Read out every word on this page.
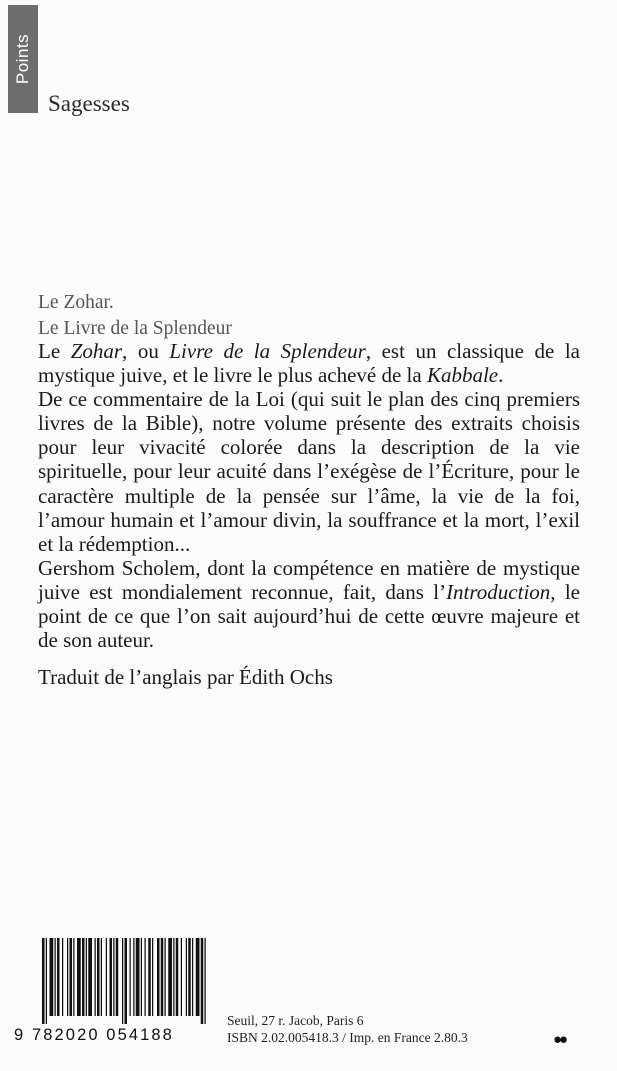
Points
Sagesses
Le Zohar.
Le Livre de la Splendeur

Le Zohar, ou Livre de la Splendeur, est un classique de la mystique juive, et le livre le plus achevé de la Kabbale.

De ce commentaire de la Loi (qui suit le plan des cinq premiers livres de la Bible), notre volume présente des extraits choisis pour leur vivacité colorée dans la description de la vie spirituelle, pour leur acuité dans l’exégèse de l’Écriture, pour le caractère multiple de la pensée sur l’âme, la vie de la foi, l’amour humain et l’amour divin, la souffrance et la mort, l’exil et la rédemption...

Gershom Scholem, dont la compétence en matière de mystique juive est mondialement reconnue, fait, dans l’Introduction, le point de ce que l’on sait aujourd’hui de cette œuvre majeure et de son auteur.

Traduit de l’anglais par Édith Ochs
9 782020 054188
Seuil, 27 r. Jacob, Paris 6
ISBN 2.02.005418.3 / Imp. en France 2.80.3	●●
